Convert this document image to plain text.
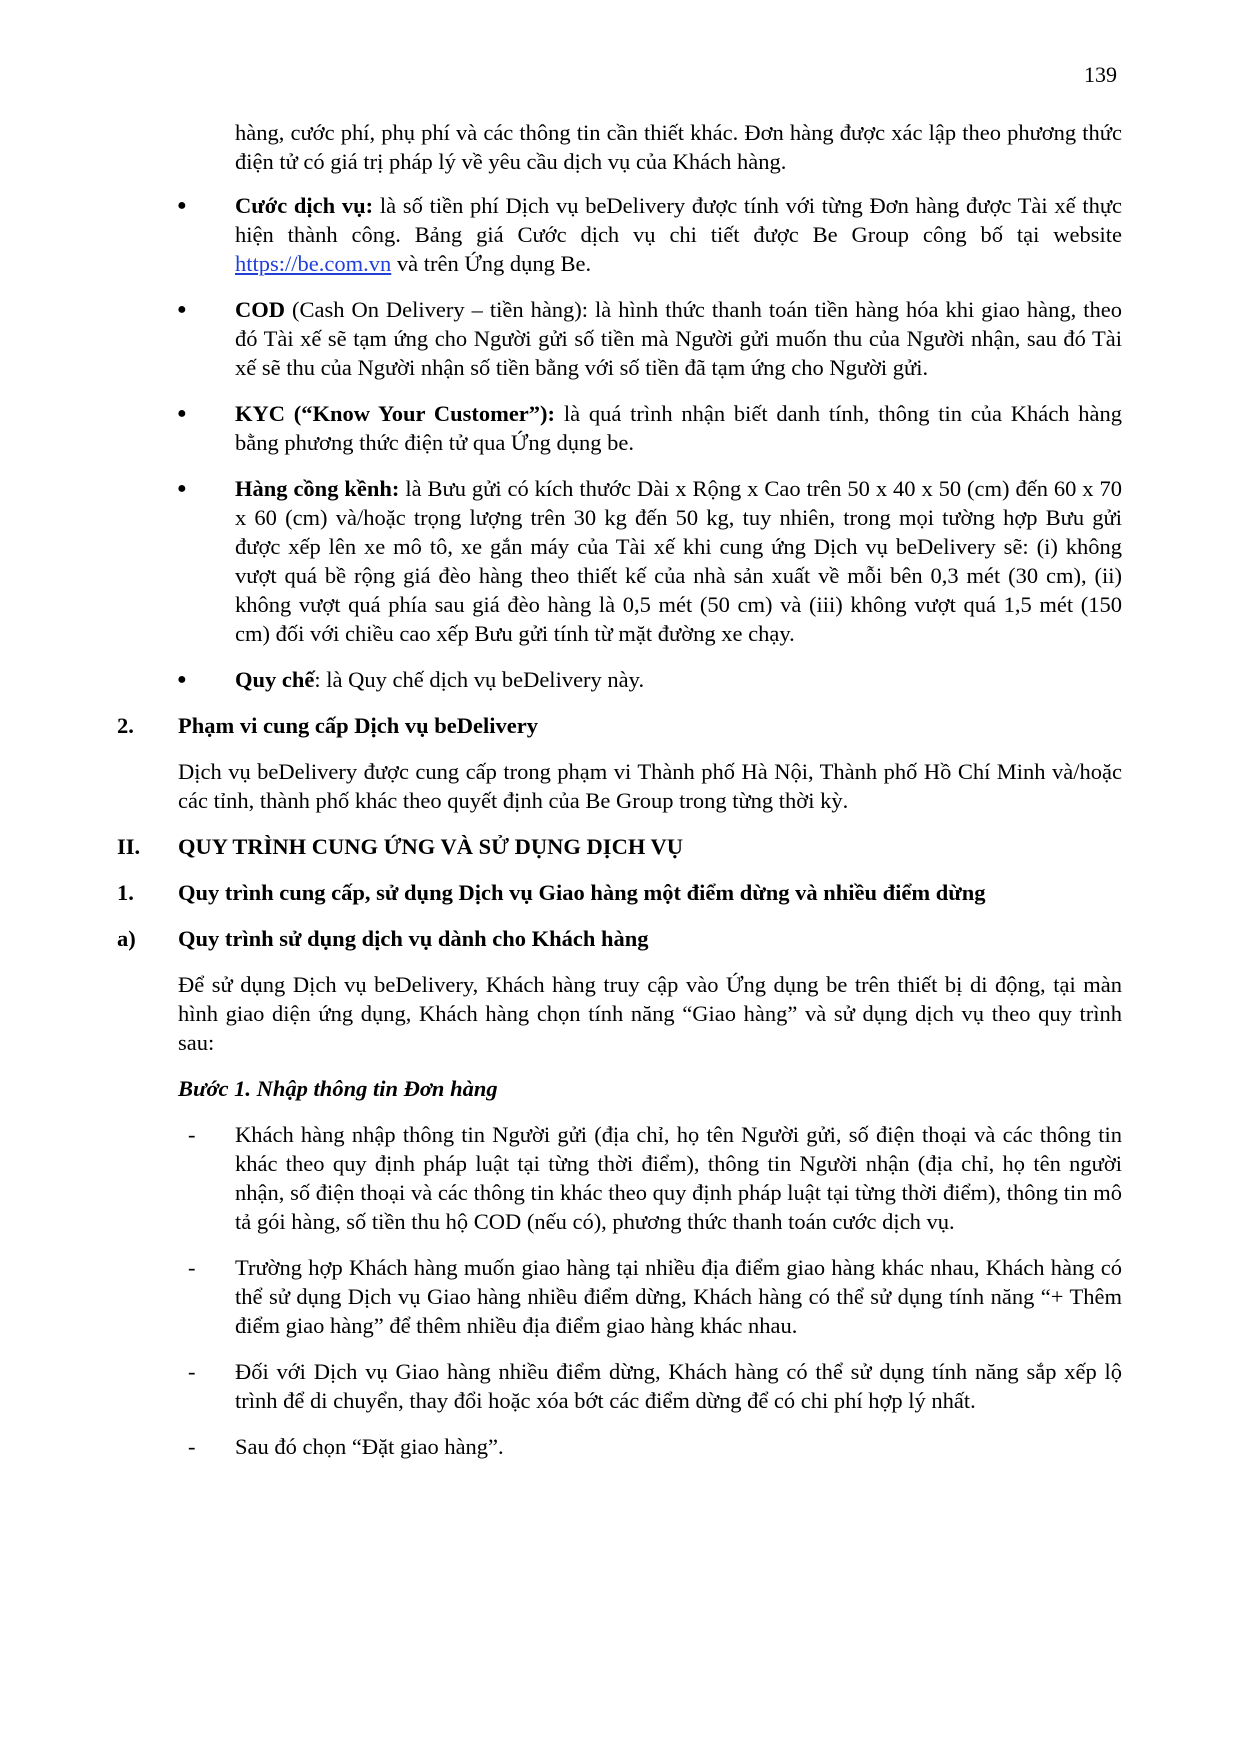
139

hàng, cước phí, phụ phí và các thông tin cần thiết khác. Đơn hàng được xác lập theo phương thức điện tử có giá trị pháp lý về yêu cầu dịch vụ của Khách hàng.

● Cước dịch vụ: là số tiền phí Dịch vụ beDelivery được tính với từng Đơn hàng được Tài xế thực hiện thành công. Bảng giá Cước dịch vụ chi tiết được Be Group công bố tại website https://be.com.vn và trên Ứng dụng Be.
● COD (Cash On Delivery – tiền hàng): là hình thức thanh toán tiền hàng hóa khi giao hàng, theo đó Tài xế sẽ tạm ứng cho Người gửi số tiền mà Người gửi muốn thu của Người nhận, sau đó Tài xế sẽ thu của Người nhận số tiền bằng với số tiền đã tạm ứng cho Người gửi.
● KYC (“Know Your Customer”): là quá trình nhận biết danh tính, thông tin của Khách hàng bằng phương thức điện tử qua Ứng dụng be.
● Hàng cồng kềnh: là Bưu gửi có kích thước Dài x Rộng x Cao trên 50 x 40 x 50 (cm) đến 60 x 70 x 60 (cm) và/hoặc trọng lượng trên 30 kg đến 50 kg, tuy nhiên, trong mọi tường hợp Bưu gửi được xếp lên xe mô tô, xe gắn máy của Tài xế khi cung ứng Dịch vụ beDelivery sẽ: (i) không vượt quá bề rộng giá đèo hàng theo thiết kế của nhà sản xuất về mỗi bên 0,3 mét (30 cm), (ii) không vượt quá phía sau giá đèo hàng là 0,5 mét (50 cm) và (iii) không vượt quá 1,5 mét (150 cm) đối với chiều cao xếp Bưu gửi tính từ mặt đường xe chạy.
● Quy chế: là Quy chế dịch vụ beDelivery này.
2. Phạm vi cung cấp Dịch vụ beDelivery

Dịch vụ beDelivery được cung cấp trong phạm vi Thành phố Hà Nội, Thành phố Hồ Chí Minh và/hoặc các tỉnh, thành phố khác theo quyết định của Be Group trong từng thời kỳ.

II. QUY TRÌNH CUNG ỨNG VÀ SỬ DỤNG DỊCH VỤ
1. Quy trình cung cấp, sử dụng Dịch vụ Giao hàng một điểm dừng và nhiều điểm dừng
a) Quy trình sử dụng dịch vụ dành cho Khách hàng

Để sử dụng Dịch vụ beDelivery, Khách hàng truy cập vào Ứng dụng be trên thiết bị di động, tại màn hình giao diện ứng dụng, Khách hàng chọn tính năng “Giao hàng” và sử dụng dịch vụ theo quy trình sau:

Bước 1. Nhập thông tin Đơn hàng
- Khách hàng nhập thông tin Người gửi (địa chỉ, họ tên Người gửi, số điện thoại và các thông tin khác theo quy định pháp luật tại từng thời điểm), thông tin Người nhận (địa chỉ, họ tên người nhận, số điện thoại và các thông tin khác theo quy định pháp luật tại từng thời điểm), thông tin mô tả gói hàng, số tiền thu hộ COD (nếu có), phương thức thanh toán cước dịch vụ.
- Trường hợp Khách hàng muốn giao hàng tại nhiều địa điểm giao hàng khác nhau, Khách hàng có thể sử dụng Dịch vụ Giao hàng nhiều điểm dừng, Khách hàng có thể sử dụng tính năng “+ Thêm điểm giao hàng” để thêm nhiều địa điểm giao hàng khác nhau.
- Đối với Dịch vụ Giao hàng nhiều điểm dừng, Khách hàng có thể sử dụng tính năng sắp xếp lộ trình để di chuyển, thay đổi hoặc xóa bớt các điểm dừng để có chi phí hợp lý nhất.
- Sau đó chọn “Đặt giao hàng”.
